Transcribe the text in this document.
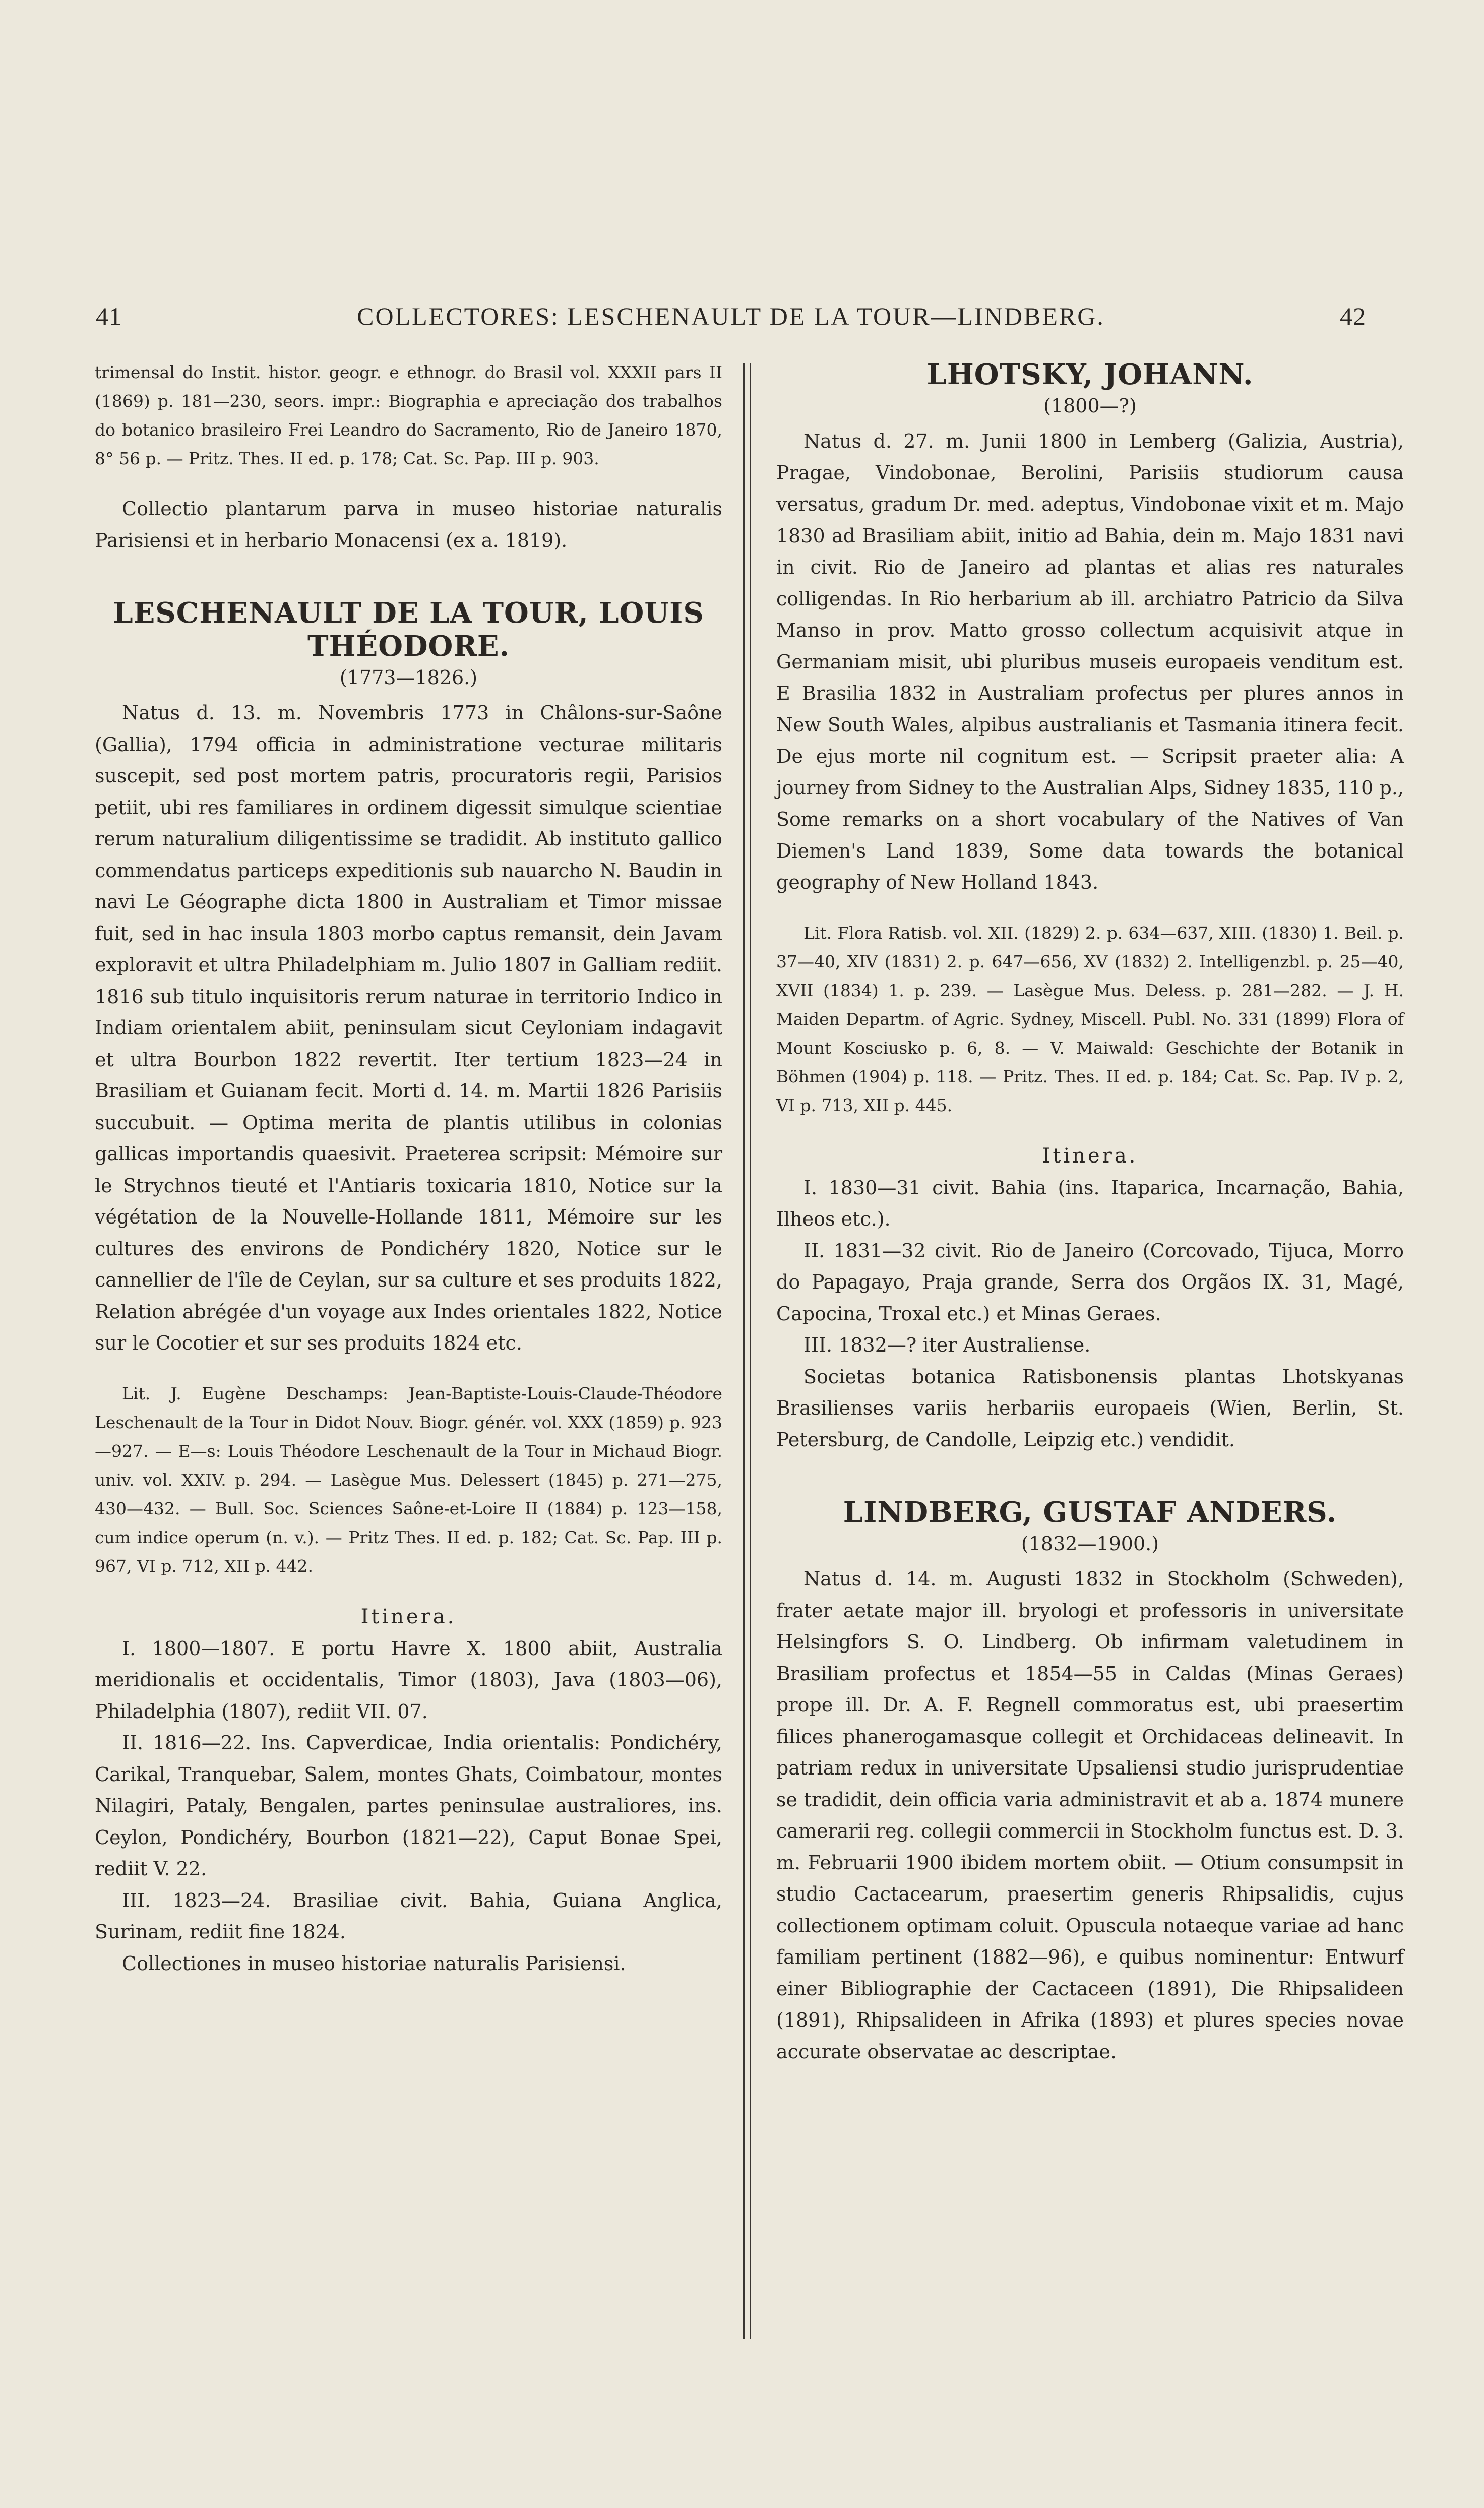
41	COLLECTORES: LESCHENAULT DE LA TOUR—LINDBERG.	42

trimensal do Instit. histor. geogr. e ethnogr. do Brasil vol. XXXII pars II (1869) p. 181—230, seors. impr.: Biographia e apreciação dos trabalhos do botanico brasileiro Frei Leandro do Sacramento, Rio de Janeiro 1870, 8° 56 p. — Pritz. Thes. II ed. p. 178; Cat. Sc. Pap. III p. 903.

Collectio plantarum parva in museo historiae naturalis Parisiensi et in herbario Monacensi (ex a. 1819).

LESCHENAULT DE LA TOUR, LOUIS

THÉODORE.

(1773—1826.)

Natus d. 13. m. Novembris 1773 in Châlons-sur-Saône (Gallia), 1794 officia in administratione vecturae militaris suscepit, sed post mortem patris, procuratoris regii, Parisios petiit, ubi res familiares in ordinem digessit simulque scientiae rerum naturalium diligentissime se tradidit. Ab instituto gallico commendatus particeps expeditionis sub nauarcho N. Baudin in navi Le Géographe dicta 1800 in Australiam et Timor missae fuit, sed in hac insula 1803 morbo captus remansit, dein Javam exploravit et ultra Philadelphiam m. Julio 1807 in Galliam rediit. 1816 sub titulo inquisitoris rerum naturae in territorio Indico in Indiam orientalem abiit, peninsulam sicut Ceyloniam indagavit et ultra Bourbon 1822 revertit. Iter tertium 1823—24 in Brasiliam et Guianam fecit. Morti d. 14. m. Martii 1826 Parisiis succubuit. — Optima merita de plantis utilibus in colonias gallicas importandis quaesivit. Praeterea scripsit: Mémoire sur le Strychnos tieuté et l'Antiaris toxicaria 1810, Notice sur la végétation de la Nouvelle-Hollande 1811, Mémoire sur les cultures des environs de Pondichéry 1820, Notice sur le cannellier de l'île de Ceylan, sur sa culture et ses produits 1822, Relation abrégée d'un voyage aux Indes orientales 1822, Notice sur le Cocotier et sur ses produits 1824 etc.

Lit. J. Eugène Deschamps: Jean-Baptiste-Louis-Claude-Théodore Leschenault de la Tour in Didot Nouv. Biogr. génér. vol. XXX (1859) p. 923—927. — E—s: Louis Théodore Leschenault de la Tour in Michaud Biogr. univ. vol. XXIV. p. 294. — Lasègue Mus. Delessert (1845) p. 271—275, 430—432. — Bull. Soc. Sciences Saône-et-Loire II (1884) p. 123—158, cum indice operum (n. v.). — Pritz Thes. II ed. p. 182; Cat. Sc. Pap. III p. 967, VI p. 712, XII p. 442.

Itinera.

I. 1800—1807. E portu Havre X. 1800 abiit, Australia meridionalis et occidentalis, Timor (1803), Java (1803—06), Philadelphia (1807), rediit VII. 07.

II. 1816—22. Ins. Capverdicae, India orientalis: Pondichéry, Carikal, Tranquebar, Salem, montes Ghats, Coimbatour, montes Nilagiri, Pataly, Bengalen, partes peninsulae australiores, ins. Ceylon, Pondichéry, Bourbon (1821—22), Caput Bonae Spei, rediit V. 22.

III. 1823—24. Brasiliae civit. Bahia, Guiana Anglica, Surinam, rediit fine 1824.

Collectiones in museo historiae naturalis Parisiensi.

LHOTSKY, JOHANN.

(1800—?)

Natus d. 27. m. Junii 1800 in Lemberg (Galizia, Austria), Pragae, Vindobonae, Berolini, Parisiis studiorum causa versatus, gradum Dr. med. adeptus, Vindobonae vixit et m. Majo 1830 ad Brasiliam abiit, initio ad Bahia, dein m. Majo 1831 navi in civit. Rio de Janeiro ad plantas et alias res naturales colligendas. In Rio herbarium ab ill. archiatro Patricio da Silva Manso in prov. Matto grosso collectum acquisivit atque in Germaniam misit, ubi pluribus museis europaeis venditum est. E Brasilia 1832 in Australiam profectus per plures annos in New South Wales, alpibus australianis et Tasmania itinera fecit. De ejus morte nil cognitum est. — Scripsit praeter alia: A journey from Sidney to the Australian Alps, Sidney 1835, 110 p., Some remarks on a short vocabulary of the Natives of Van Diemen's Land 1839, Some data towards the botanical geography of New Holland 1843.

Lit. Flora Ratisb. vol. XII. (1829) 2. p. 634—637, XIII. (1830) 1. Beil. p. 37—40, XIV (1831) 2. p. 647—656, XV (1832) 2. Intelligenzbl. p. 25—40, XVII (1834) 1. p. 239. — Lasègue Mus. Deless. p. 281—282. — J. H. Maiden Departm. of Agric. Sydney, Miscell. Publ. No. 331 (1899) Flora of Mount Kosciusko p. 6, 8. — V. Maiwald: Geschichte der Botanik in Böhmen (1904) p. 118. — Pritz. Thes. II ed. p. 184; Cat. Sc. Pap. IV p. 2, VI p. 713, XII p. 445.

Itinera.

I. 1830—31 civit. Bahia (ins. Itaparica, Incarnação, Bahia, Ilheos etc.).

II. 1831—32 civit. Rio de Janeiro (Corcovado, Tijuca, Morro do Papagayo, Praja grande, Serra dos Orgãos IX. 31, Magé, Capocina, Troxal etc.) et Minas Geraes.

III. 1832—? iter Australiense.

Societas botanica Ratisbonensis plantas Lhotskyanas Brasilienses variis herbariis europaeis (Wien, Berlin, St. Petersburg, de Candolle, Leipzig etc.) vendidit.

LINDBERG, GUSTAF ANDERS.

(1832—1900.)

Natus d. 14. m. Augusti 1832 in Stockholm (Schweden), frater aetate major ill. bryologi et professoris in universitate Helsingfors S. O. Lindberg. Ob infirmam valetudinem in Brasiliam profectus et 1854—55 in Caldas (Minas Geraes) prope ill. Dr. A. F. Regnell commoratus est, ubi praesertim filices phanerogamasque collegit et Orchidaceas delineavit. In patriam redux in universitate Upsaliensi studio jurisprudentiae se tradidit, dein officia varia administravit et ab a. 1874 munere camerarii reg. collegii commercii in Stockholm functus est. D. 3. m. Februarii 1900 ibidem mortem obiit. — Otium consumpsit in studio Cactacearum, praesertim generis Rhipsalidis, cujus collectionem optimam coluit. Opuscula notaeque variae ad hanc familiam pertinent (1882—96), e quibus nominentur: Entwurf einer Bibliographie der Cactaceen (1891), Die Rhipsalideen (1891), Rhipsalideen in Afrika (1893) et plures species novae accurate observatae ac descriptae.
